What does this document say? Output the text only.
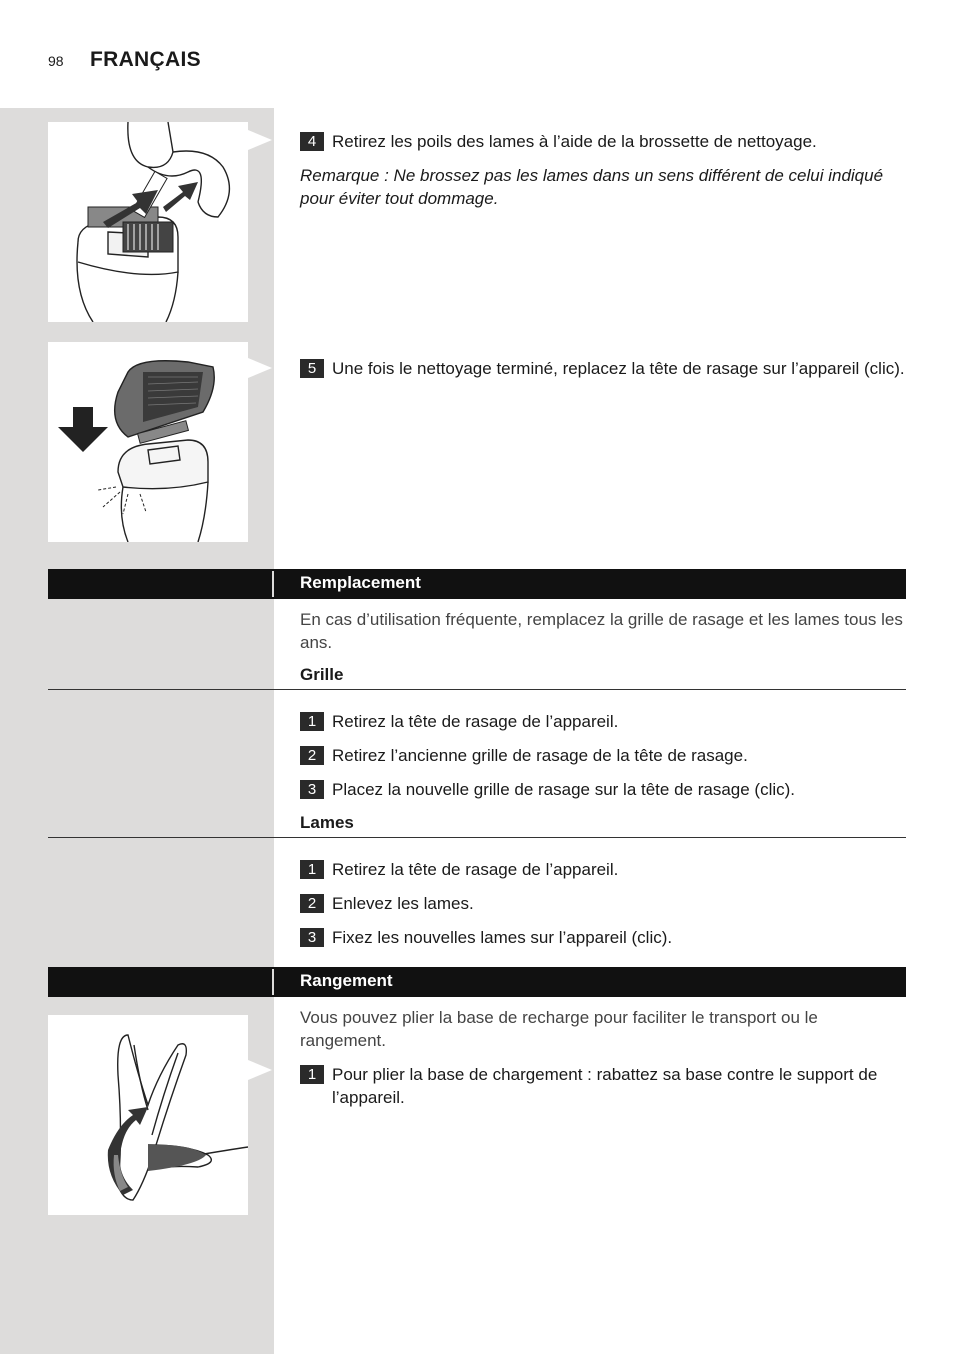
98 FRANÇAIS
4 Retirez les poils des lames à l’aide de la brossette de nettoyage.
Remarque : Ne brossez pas les lames dans un sens différent de celui indiqué pour éviter tout dommage.
5 Une fois le nettoyage terminé, replacez la tête de rasage sur l’appareil (clic).
Remplacement
En cas d’utilisation fréquente, remplacez la grille de rasage et les lames tous les ans.
Grille
1 Retirez la tête de rasage de l’appareil.
2 Retirez l’ancienne grille de rasage de la tête de rasage.
3 Placez la nouvelle grille de rasage sur la tête de rasage (clic).
Lames
1 Retirez la tête de rasage de l’appareil.
2 Enlevez les lames.
3 Fixez les nouvelles lames sur l’appareil (clic).
Rangement
Vous pouvez plier la base de recharge pour faciliter le transport ou le rangement.
1 Pour plier la base de chargement : rabattez sa base contre le support de l’appareil.
